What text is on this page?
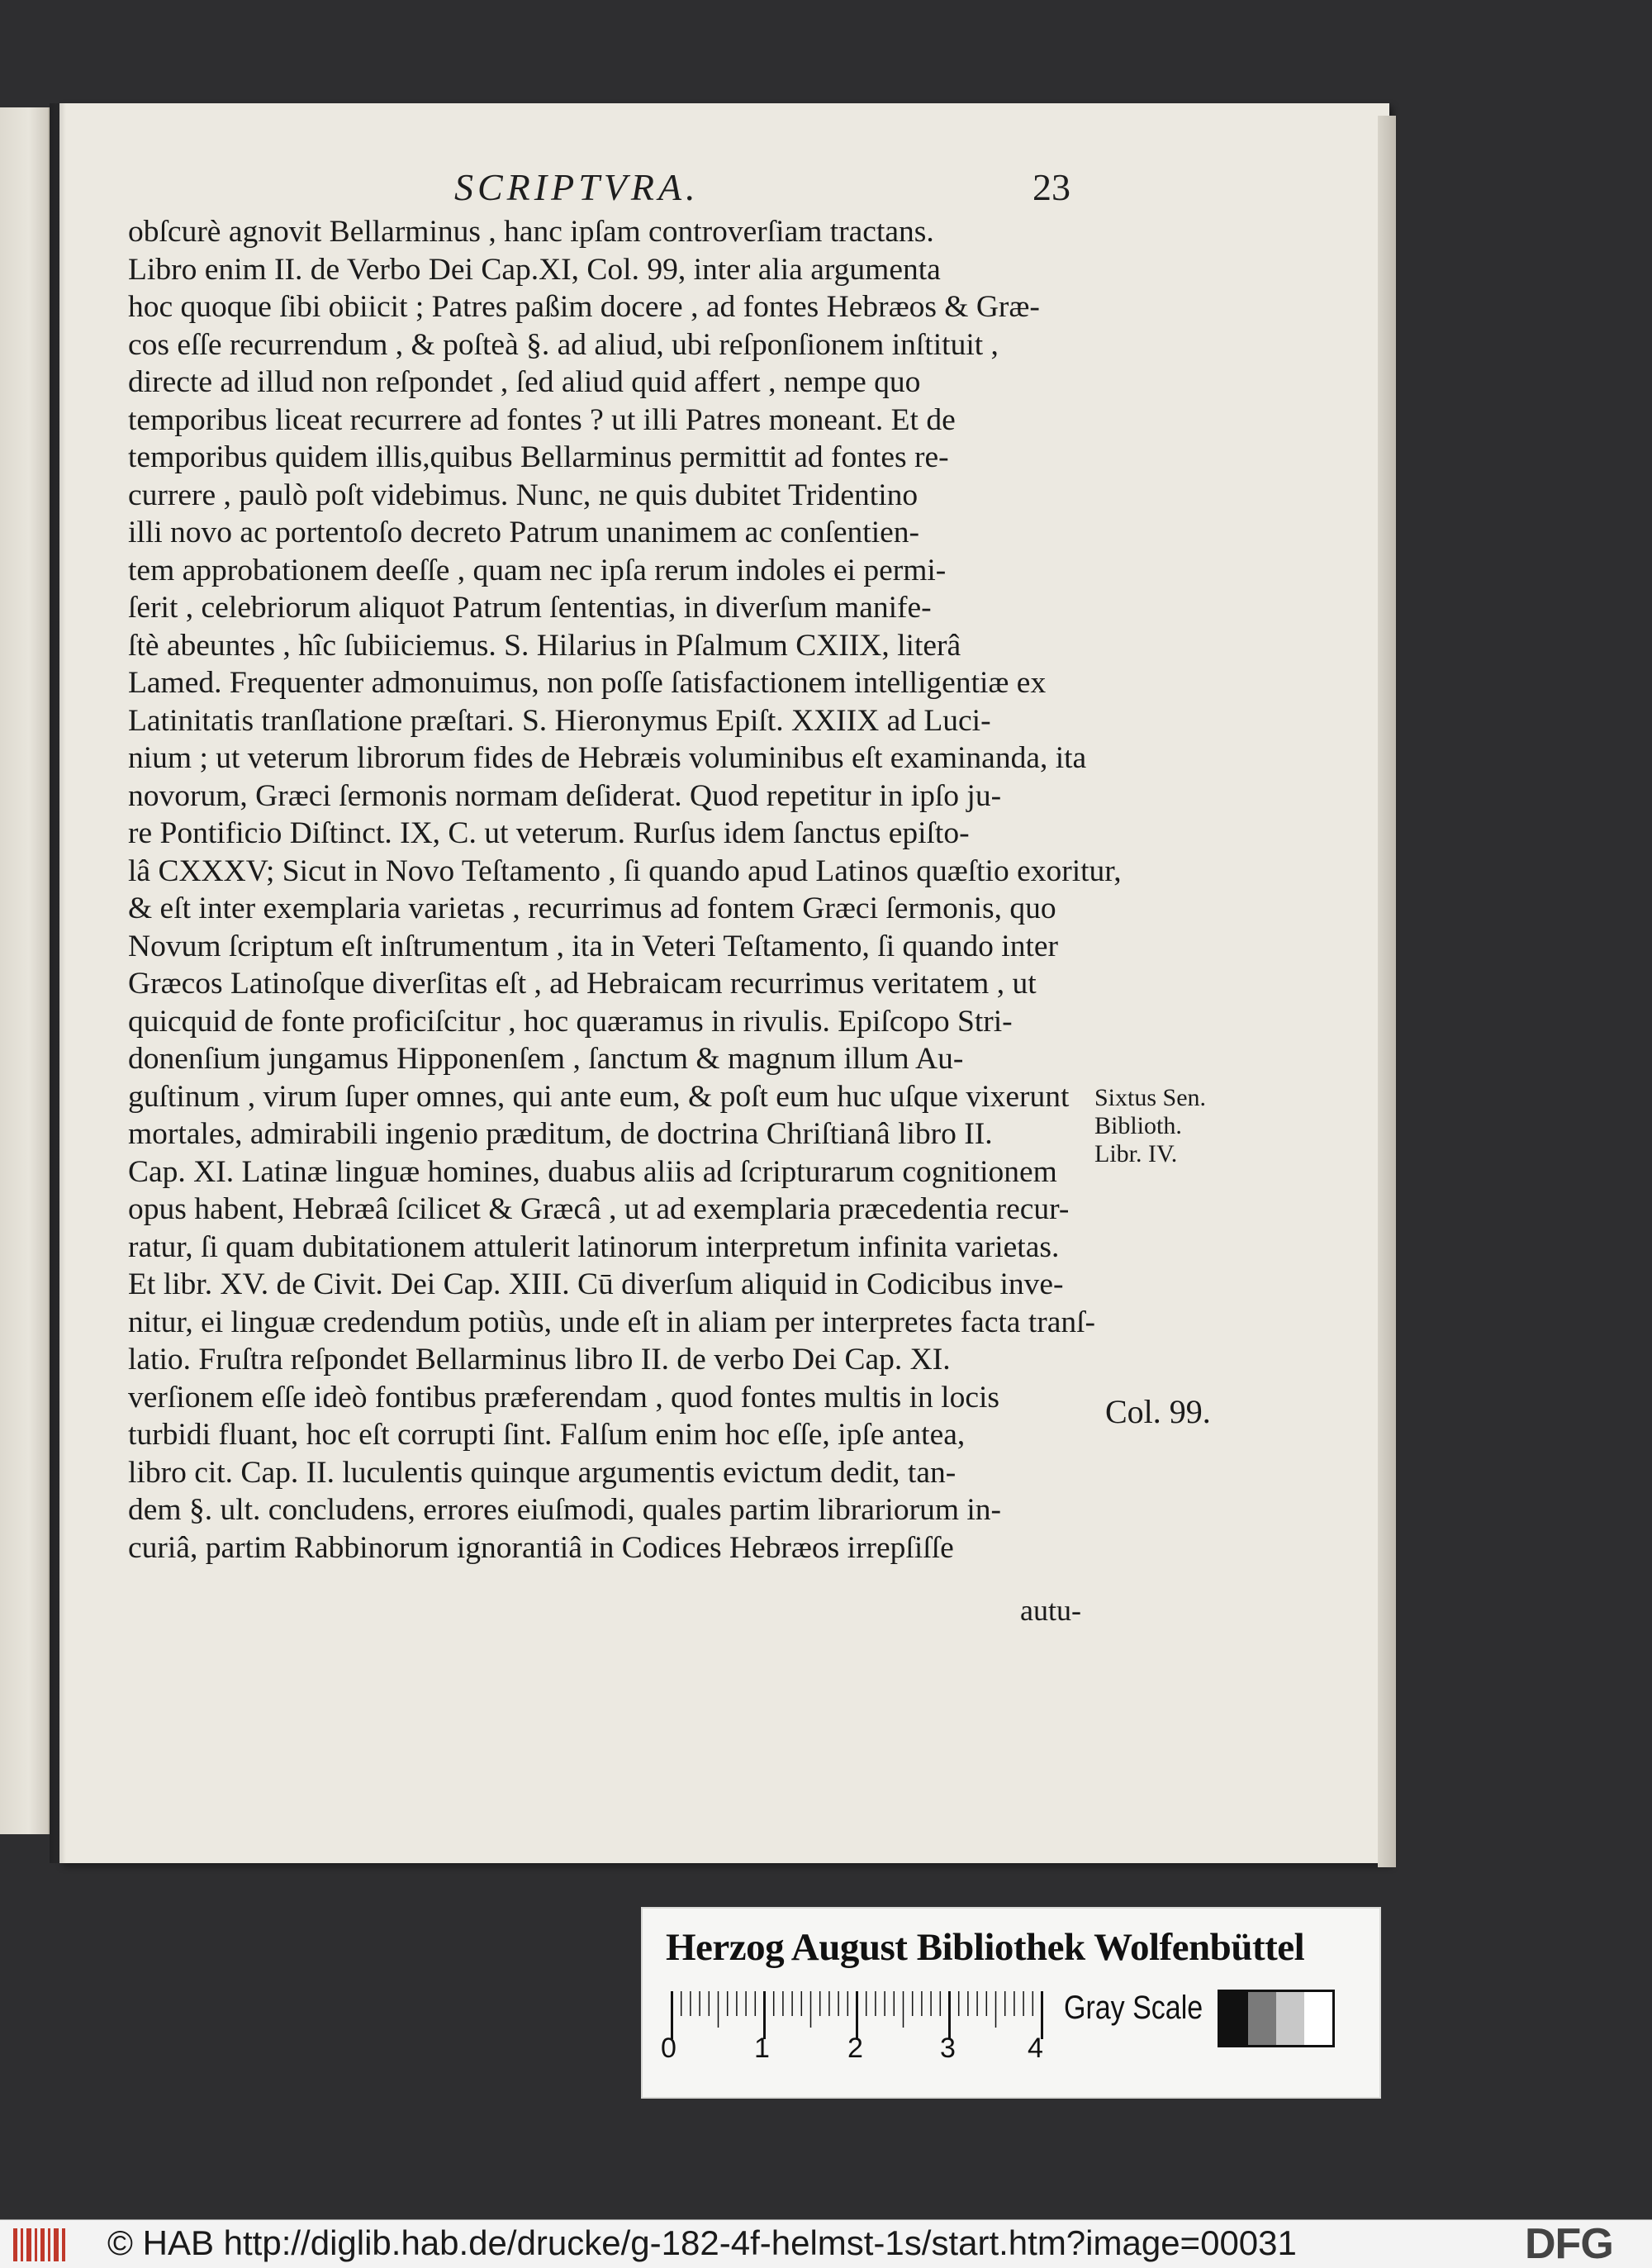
SCRIPTVRA.	23
obſcurè agnovit Bellarminus , hanc ipſam controverſiam tractans.
Libro enim II. de Verbo Dei Cap.XI, Col. 99, inter alia argumenta
hoc quoque ſibi obiicit ; Patres paßim docere , ad fontes Hebræos & Græ-
cos eſſe recurrendum , & poſteà §. ad aliud, ubi reſponſionem inſtituit ,
directe ad illud non reſpondet , ſed aliud quid affert , nempe quo
temporibus liceat recurrere ad fontes ? ut illi Patres moneant. Et de
temporibus quidem illis,quibus Bellarminus permittit ad fontes re-
currere , paulò poſt videbimus. Nunc, ne quis dubitet Tridentino
illi novo ac portentoſo decreto Patrum unanimem ac conſentien-
tem approbationem deeſſe , quam nec ipſa rerum indoles ei permi-
ſerit , celebriorum aliquot Patrum ſententias, in diverſum manife-
ſtè abeuntes , hîc ſubiiciemus. S. Hilarius in Pſalmum CXIIX, literâ
Lamed. Frequenter admonuimus, non poſſe ſatisfactionem intelligentiæ ex
Latinitatis tranſlatione præſtari. S. Hieronymus Epiſt. XXIIX ad Luci-
nium ; ut veterum librorum fides de Hebræis voluminibus eſt examinanda, ita
novorum, Græci ſermonis normam deſiderat. Quod repetitur in ipſo ju-
re Pontificio Diſtinct. IX, C. ut veterum. Rurſus idem ſanctus epiſto-
lâ CXXXV; Sicut in Novo Teſtamento , ſi quando apud Latinos quæſtio exoritur,
& eſt inter exemplaria varietas , recurrimus ad fontem Græci ſermonis, quo
Novum ſcriptum eſt inſtrumentum , ita in Veteri Teſtamento, ſi quando inter
Græcos Latinoſque diverſitas eſt , ad Hebraicam recurrimus veritatem , ut
quicquid de fonte proficiſcitur , hoc quæramus in rivulis. Epiſcopo Stri-
donenſium jungamus Hipponenſem , ſanctum & magnum illum Au-
guſtinum , virum ſuper omnes, qui ante eum, & poſt eum huc uſque vixerunt
mortales, admirabili ingenio præditum, de doctrina Chriſtianâ libro II.
Cap. XI. Latinæ linguæ homines, duabus aliis ad ſcripturarum cognitionem
opus habent, Hebræâ ſcilicet & Græcâ , ut ad exemplaria præcedentia recur-
ratur, ſi quam dubitationem attulerit latinorum interpretum infinita varietas.
Et libr. XV. de Civit. Dei Cap. XIII. Cū diverſum aliquid in Codicibus inve-
nitur, ei linguæ credendum potiùs, unde eſt in aliam per interpretes facta tranſ-
latio. Fruſtra reſpondet Bellarminus libro II. de verbo Dei Cap. XI.
verſionem eſſe ideò fontibus præferendam , quod fontes multis in locis
turbidi fluant, hoc eſt corrupti ſint. Falſum enim hoc eſſe, ipſe antea,
libro cit. Cap. II. luculentis quinque argumentis evictum dedit, tan-
dem §. ult. concludens, errores eiuſmodi, quales partim librariorum in-
curiâ, partim Rabbinorum ignorantiâ in Codices Hebræos irrepſiſſe
Sixtus Sen.
Biblioth.
Libr. IV.
Col. 99.
autu-
Herzog August Bibliothek Wolfenbüttel
0	1	2	3	4
Gray Scale
© HAB http://diglib.hab.de/drucke/g-182-4f-helmst-1s/start.htm?image=00031	DFG
